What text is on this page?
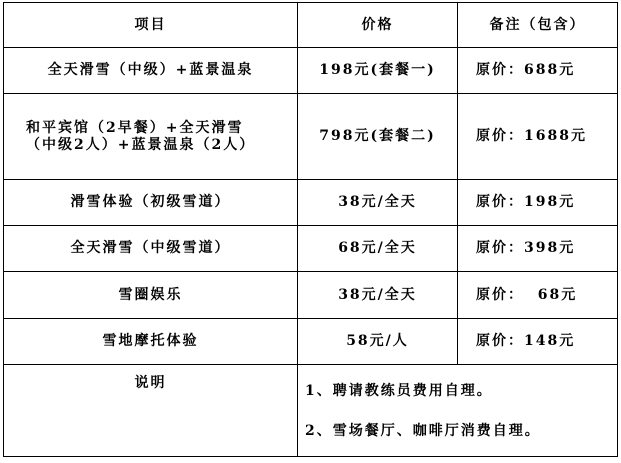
项目	价格	备注（包含）
全天滑雪（中级）+蓝景温泉	198元(套餐一)	原价：688元

和平宾馆（2早餐）+全天滑雪
（中级2人）+蓝景温泉（2人）	798元(套餐二)	原价：1688元
滑雪体验（初级雪道）	38元/全天	原价：198元
全天滑雪（中级雪道）	68元/全天	原价：398元
雪圈娱乐	38元/全天	原价：  68元
雪地摩托体验	58元/人	原价：148元
说明	1、聘请教练员费用自理。
2、雪场餐厅、咖啡厅消费自理。	
